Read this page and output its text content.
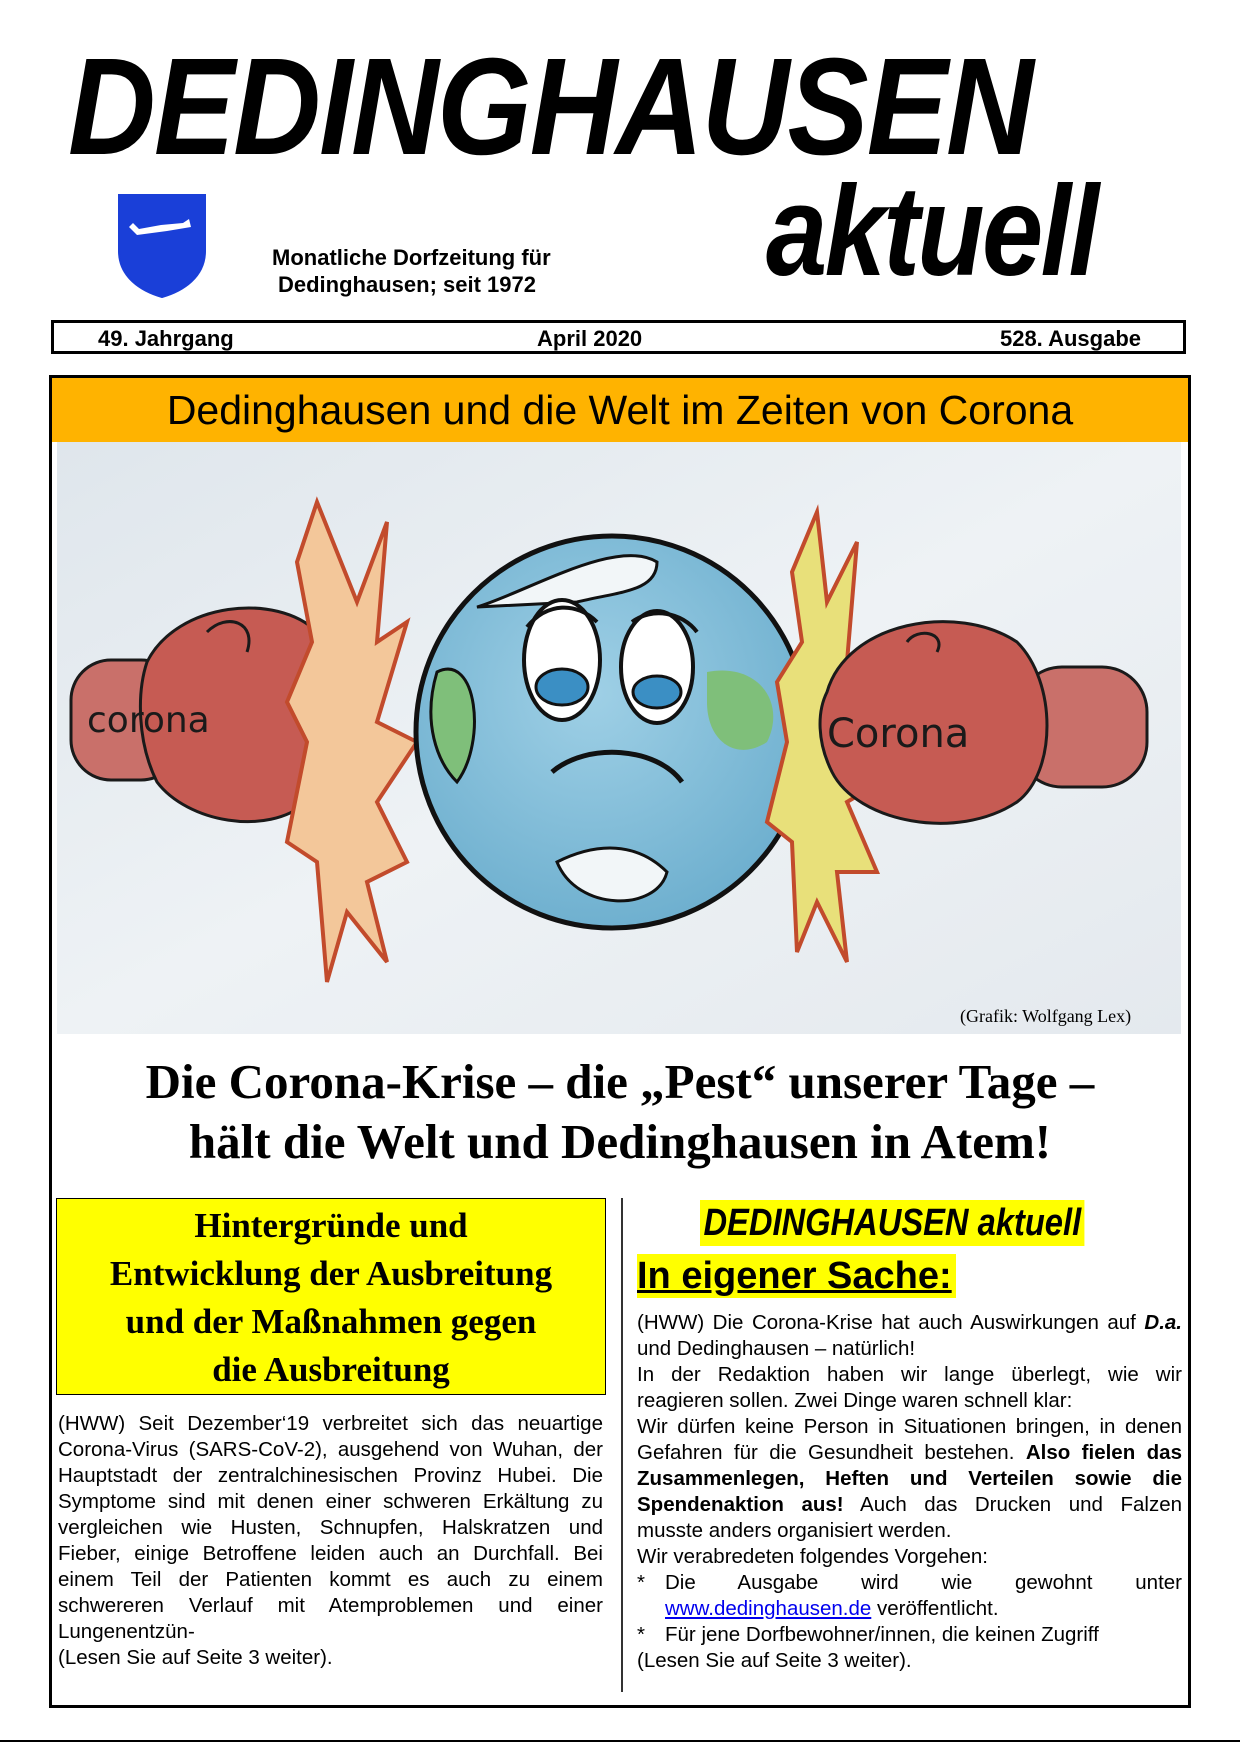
DEDINGHAUSEN
aktuell
Monatliche Dorfzeitung für
Dedinghausen; seit 1972
49. Jahrgang	April 2020	528. Ausgabe
Dedinghausen und die Welt im Zeiten von Corona
corona	Corona
(Grafik: Wolfgang Lex)
Die Corona-Krise – die „Pest“ unserer Tage –
hält die Welt und Dedinghausen in Atem!
Hintergründe und
Entwicklung der Ausbreitung
und der Maßnahmen gegen
die Ausbreitung
(HWW) Seit Dezember‘19 verbreitet sich das neuartige Corona-Virus (SARS-CoV-2), ausgehend von Wuhan, der Hauptstadt der zentralchinesischen Provinz Hubei. Die Symptome sind mit denen einer schweren Erkältung zu vergleichen wie Husten, Schnupfen, Halskratzen und Fieber, einige Betroffene leiden auch an Durchfall. Bei einem Teil der Patienten kommt es auch zu einem schwereren Verlauf mit Atemproblemen und einer Lungenentzün-
(Lesen Sie auf Seite 3 weiter).
DEDINGHAUSEN aktuell
In eigener Sache:

(HWW) Die Corona-Krise hat auch Auswirkungen auf D.a. und Dedinghausen – natürlich!

In der Redaktion haben wir lange überlegt, wie wir reagieren sollen. Zwei Dinge waren schnell klar:

Wir dürfen keine Person in Situationen bringen, in denen Gefahren für die Gesundheit bestehen. Also fielen das Zusammenlegen, Heften und Verteilen sowie die Spendenaktion aus! Auch das Drucken und Falzen musste anders organisiert werden.

Wir verabredeten folgendes Vorgehen:

* Die Ausgabe wird wie gewohnt unter www.dedinghausen.de veröffentlicht.
* Für jene Dorfbewohner/innen, die keinen Zugriff
(Lesen Sie auf Seite 3 weiter).
